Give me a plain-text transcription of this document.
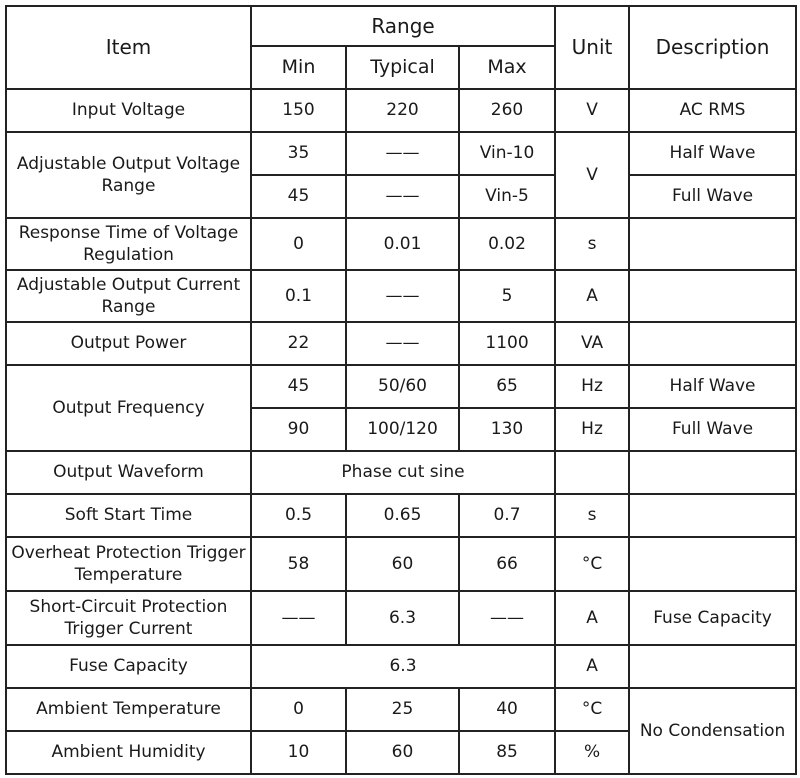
Item	Range			Unit	Description
	Min	Typical	Max		
Input Voltage	150	220	260	V	AC RMS
Adjustable Output Voltage Range	35	——	Vin-10	V	Half Wave
	45	——	Vin-5		Full Wave
Response Time of Voltage Regulation	0	0.01	0.02	s	
Adjustable Output Current Range	0.1	——	5	A	
Output Power	22	——	1100	VA	
Output Frequency	45	50/60	65	Hz	Half Wave
	90	100/120	130	Hz	Full Wave
Output Waveform	Phase cut sine				
Soft Start Time	0.5	0.65	0.7	s	
Overheat Protection Trigger Temperature	58	60	66	°C	
Short-Circuit Protection Trigger Current	——	6.3	——	A	Fuse Capacity
Fuse Capacity	6.3			A	
Ambient Temperature	0	25	40	°C	No Condensation
Ambient Humidity	10	60	85	%	
